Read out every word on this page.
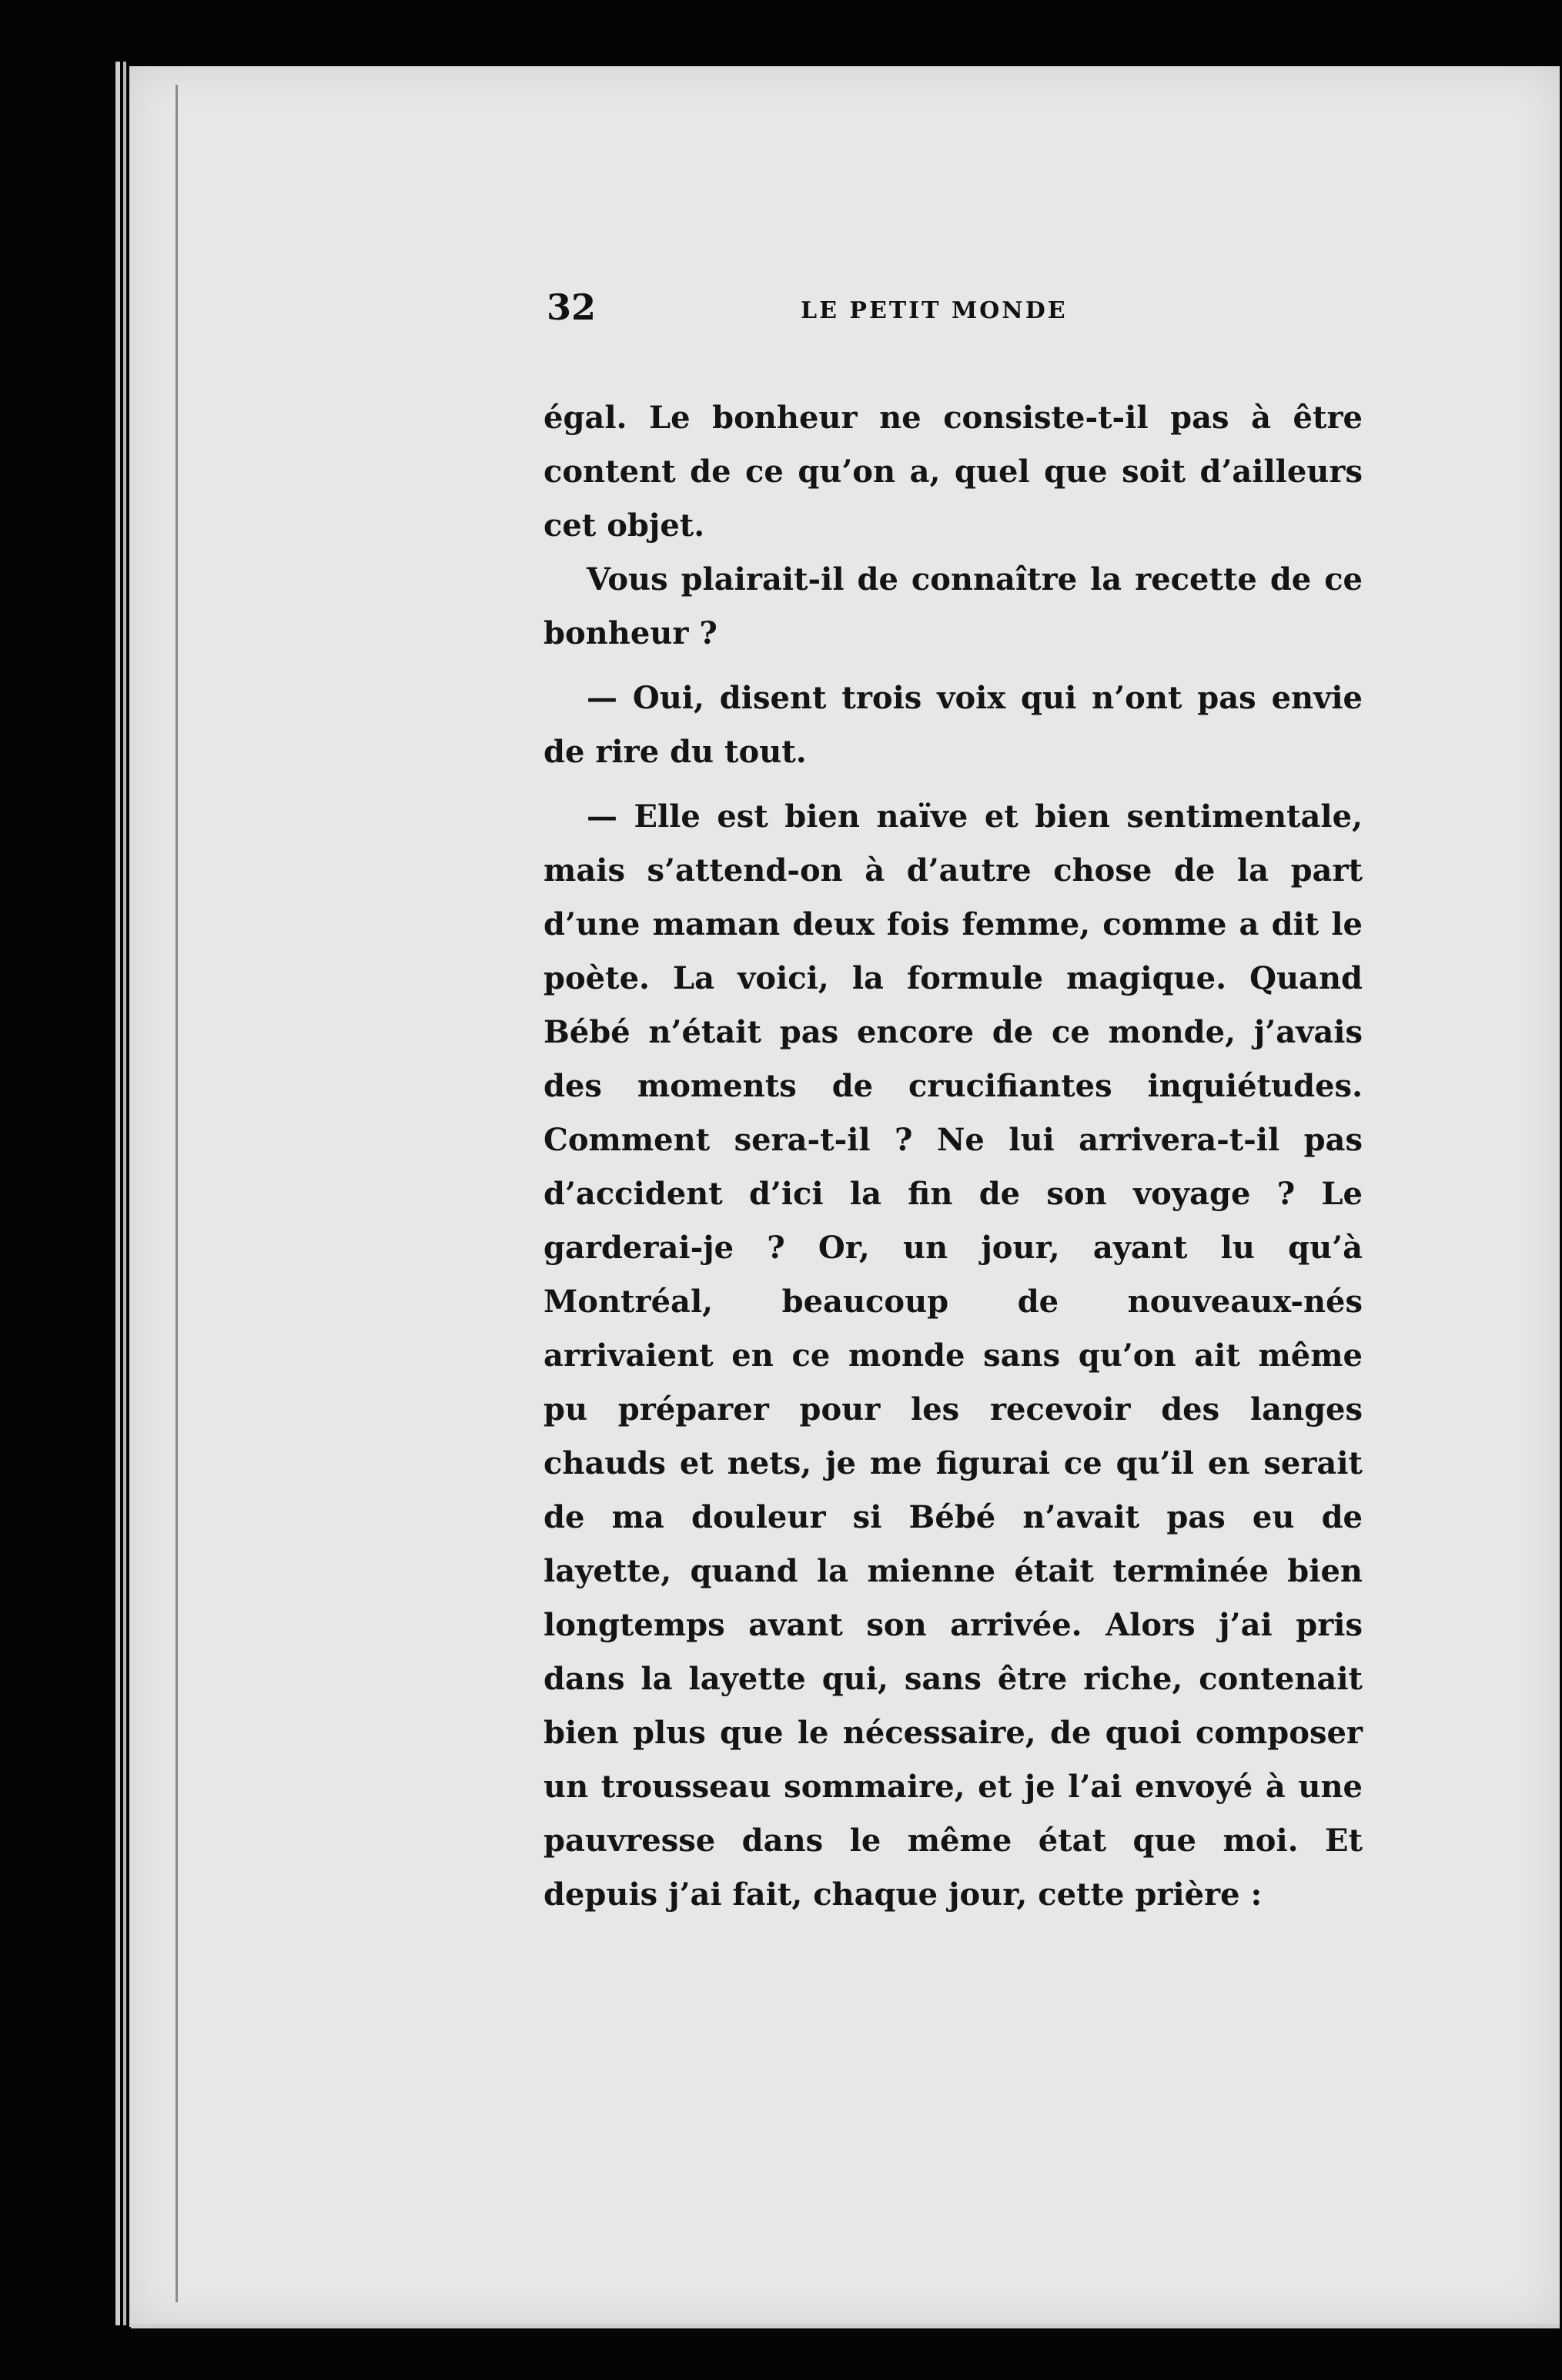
32	LE PETIT MONDE

égal. Le bonheur ne consiste-t-il pas à être content de ce qu’on a, quel que soit d’ailleurs cet objet.

Vous plairait-il de connaître la recette de ce bonheur ?

— Oui, disent trois voix qui n’ont pas envie de rire du tout.

— Elle est bien naïve et bien sentimentale, mais s’attend-on à d’autre chose de la part d’une maman deux fois femme, comme a dit le poète. La voici, la formule magique. Quand Bébé n’était pas encore de ce monde, j’avais des moments de crucifiantes inquiétudes. Comment sera-t-il ? Ne lui arrivera-t-il pas d’accident d’ici la fin de son voyage ? Le garderai-je ? Or, un jour, ayant lu qu’à Montréal, beaucoup de nouveaux-nés arrivaient en ce monde sans qu’on ait même pu préparer pour les recevoir des langes chauds et nets, je me figurai ce qu’il en serait de ma douleur si Bébé n’avait pas eu de layette, quand la mienne était terminée bien longtemps avant son arrivée. Alors j’ai pris dans la layette qui, sans être riche, contenait bien plus que le nécessaire, de quoi composer un trousseau sommaire, et je l’ai envoyé à une pauvresse dans le même état que moi. Et depuis j’ai fait, chaque jour, cette prière :
